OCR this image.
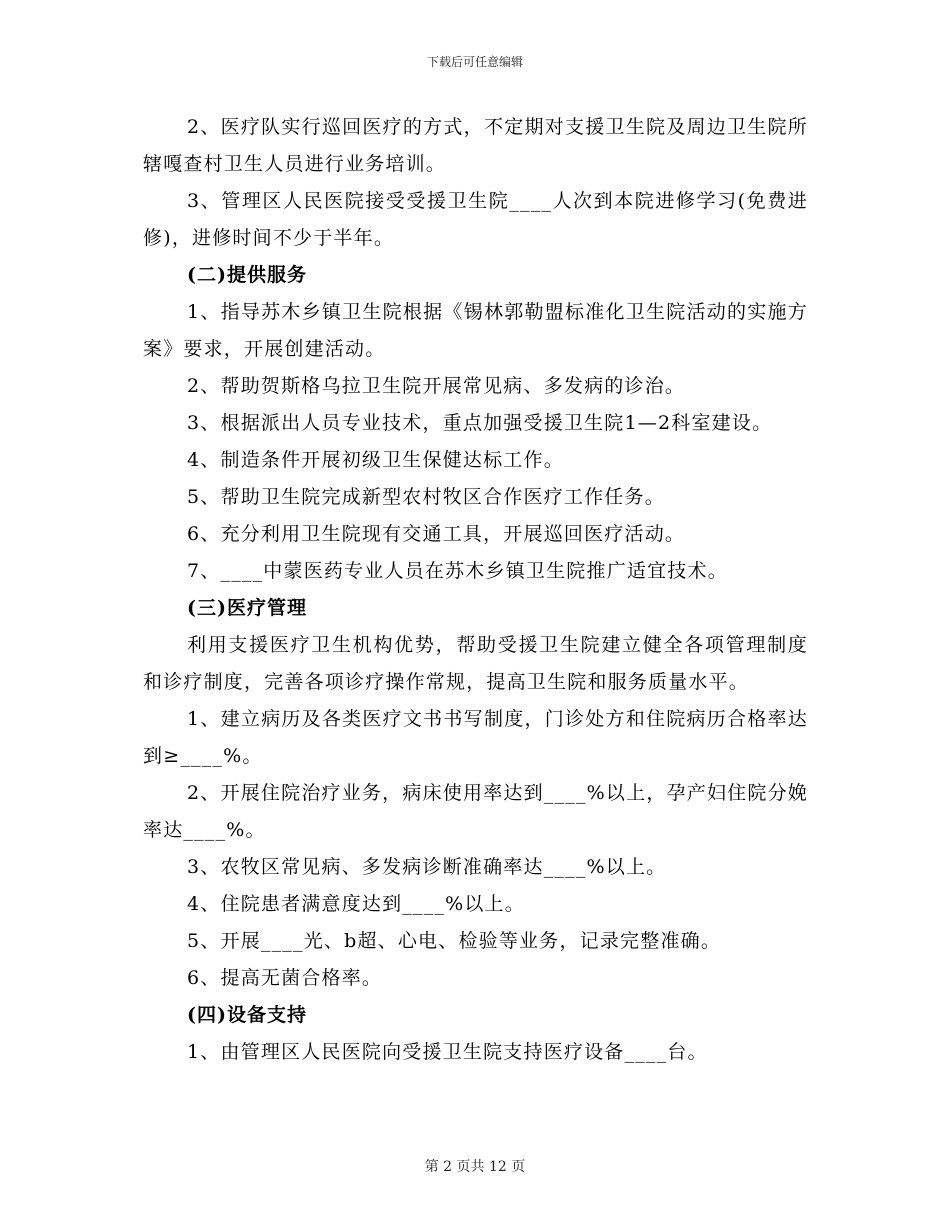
下载后可任意编辑

2、医疗队实行巡回医疗的方式，不定期对支援卫生院及周边卫生院所辖嘎查村卫生人员进行业务培训。

3、管理区人民医院接受受援卫生院____人次到本院进修学习(免费进修)，进修时间不少于半年。

(二)提供服务

1、指导苏木乡镇卫生院根据《锡林郭勒盟标准化卫生院活动的实施方案》要求，开展创建活动。

2、帮助贺斯格乌拉卫生院开展常见病、多发病的诊治。

3、根据派出人员专业技术，重点加强受援卫生院1—2科室建设。

4、制造条件开展初级卫生保健达标工作。

5、帮助卫生院完成新型农村牧区合作医疗工作任务。

6、充分利用卫生院现有交通工具，开展巡回医疗活动。

7、____中蒙医药专业人员在苏木乡镇卫生院推广适宜技术。

(三)医疗管理

利用支援医疗卫生机构优势，帮助受援卫生院建立健全各项管理制度和诊疗制度，完善各项诊疗操作常规，提高卫生院和服务质量水平。

1、建立病历及各类医疗文书书写制度，门诊处方和住院病历合格率达到≥____%。

2、开展住院治疗业务，病床使用率达到____%以上，孕产妇住院分娩率达____%。

3、农牧区常见病、多发病诊断准确率达____%以上。

4、住院患者满意度达到____%以上。

5、开展____光、b超、心电、检验等业务，记录完整准确。

6、提高无菌合格率。

(四)设备支持

1、由管理区人民医院向受援卫生院支持医疗设备____台。

第 2 页共 12 页
